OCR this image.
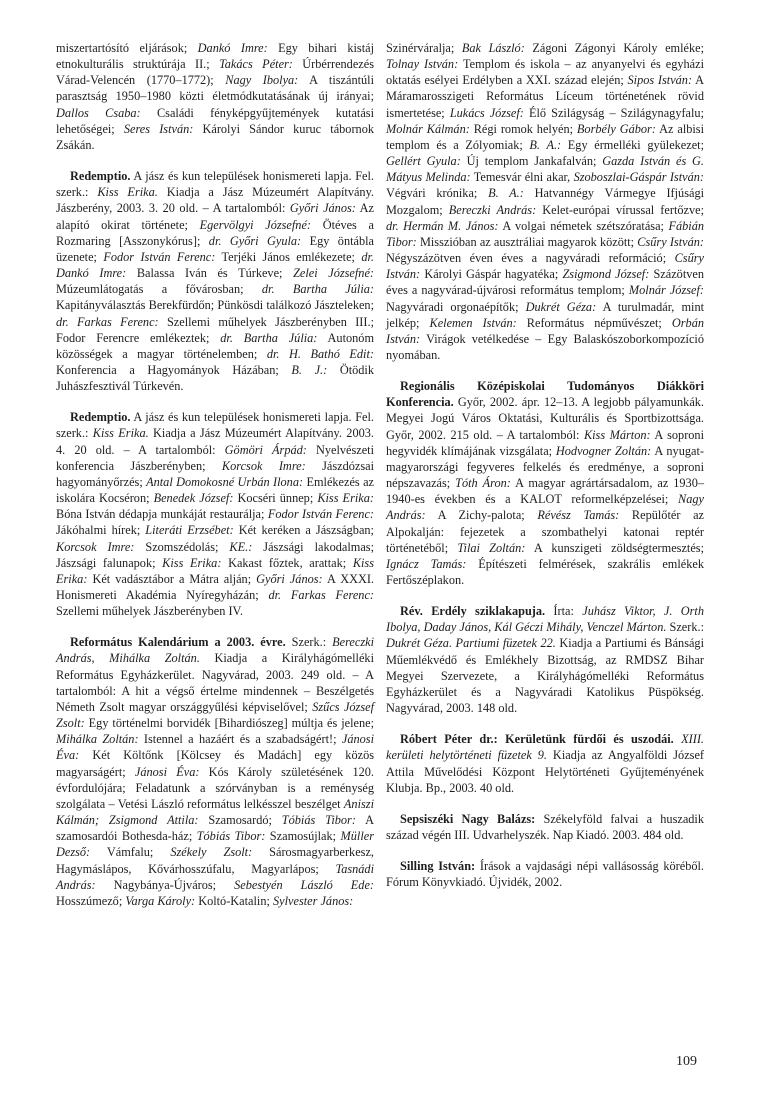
miszertartósító eljárások; Dankó Imre: Egy bihari kistáj etnokulturális struktúrája II.; Takács Péter: Úrbérrendezés Várad-Velencén (1770–1772); Nagy Ibolya: A tiszántúli parasztság 1950–1980 közti életmódkutatásának új irányai; Dallos Csaba: Családi fényképgyűjtemények kutatási lehetőségei; Seres István: Károlyi Sándor kuruc tábornok Zsákán.

Redemptio. A jász és kun települések honismereti lapja. Fel. szerk.: Kiss Erika. Kiadja a Jász Múzeumért Alapítvány. Jászberény, 2003. 3. 20 old. – A tartalomból: Győri János: Az alapító okirat története; Egervölgyi Józsefné: Ötéves a Rozmaring [Asszonykórus]; dr. Győri Gyula: Egy öntábla üzenete; Fodor István Ferenc: Terjéki János emlékezete; dr. Dankó Imre: Balassa Iván és Túrkeve; Zelei Józsefné: Múzeumlátogatás a fővárosban; dr. Bartha Júlia: Kapitányválasztás Berekfürdőn; Pünkösdi találkozó Jászteleken; dr. Farkas Ferenc: Szellemi műhelyek Jászberényben III.; Fodor Ferencre emlékeztek; dr. Bartha Júlia: Autonóm közösségek a magyar történelemben; dr. H. Bathó Edit: Konferencia a Hagyományok Házában; B. J.: Ötödik Juhászfesztivál Túrkevén.

Redemptio. A jász és kun települések honismereti lapja. Fel. szerk.: Kiss Erika. Kiadja a Jász Múzeumért Alapítvány. 2003. 4. 20 old. – A tartalomból: Gömöri Árpád: Nyelvészeti konferencia Jászberényben; Korcsok Imre: Jászdózsai hagyományőrzés; Antal Domokosné Urbán Ilona: Emlékezés az iskolára Kocséron; Benedek József: Kocséri ünnep; Kiss Erika: Bóna István dédapja munkáját restaurálja; Fodor István Ferenc: Jákóhalmi hírek; Literáti Erzsébet: Két keréken a Jászságban; Korcsok Imre: Szomszédolás; KE.: Jászsági lakodalmas; Jászsági falunapok; Kiss Erika: Kakast főztek, arattak; Kiss Erika: Két vadásztábor a Mátra alján; Győri János: A XXXI. Honismereti Akadémia Nyíregyházán; dr. Farkas Ferenc: Szellemi műhelyek Jászberényben IV.

Református Kalendárium a 2003. évre. Szerk.: Bereczki András, Mihálka Zoltán. Kiadja a Királyhágómelléki Református Egyházkerület. Nagyvárad, 2003. 249 old. – A tartalomból: A hit a végső értelme mindennek – Beszélgetés Németh Zsolt magyar országgyűlési képviselővel; Szűcs József Zsolt: Egy történelmi borvidék [Bihardiószeg] múltja és jelene; Mihálka Zoltán: Istennel a hazáért és a szabadságért!; Jánosi Éva: Két Költőnk [Kölcsey és Madách] egy közös magyarságért; Jánosi Éva: Kós Károly születésének 120. évfordulójára; Feladatunk a szórványban is a reménység szolgálata – Vetési László református lelkésszel beszélget Aniszi Kálmán; Zsigmond Attila: Szamosardó; Tóbiás Tibor: A szamosardói Bothesda-ház; Tóbiás Tibor: Szamosújlak; Müller Dezső: Vámfalu; Székely Zsolt: Sárosmagyarberkesz, Hagymáslápos, Kővárhosszúfalu, Magyarlápos; Tasnádi András: Nagybánya-Újváros; Sebestyén László Ede: Hosszúmező; Varga Károly: Koltó-Katalin; Sylvester János:

Szinérváralja; Bak László: Zágoni Zágonyi Károly emléke; Tolnay István: Templom és iskola – az anyanyelvi és egyházi oktatás esélyei Erdélyben a XXI. század elején; Sipos István: A Máramarosszigeti Református Líceum történetének rövid ismertetése; Lukács József: Élő Szilágyság – Szilágynagyfalu; Molnár Kálmán: Régi romok helyén; Borbély Gábor: Az albisi templom és a Zólyomiak; B. A.: Egy érmelléki gyülekezet; Gellért Gyula: Új templom Jankafalván; Gazda István és G. Mátyus Melinda: Temesvár élni akar, Szoboszlai-Gáspár István: Végvári krónika; B. A.: Hatvannégy Vármegye Ifjúsági Mozgalom; Bereczki András: Kelet-európai vírussal fertőzve; dr. Hermán M. János: A volgai németek szétszóratása; Fábián Tibor: Misszióban az ausztráliai magyarok között; Csűry István: Négyszázötven éven éves a nagyváradi reformáció; Csűry István: Károlyi Gáspár hagyatéka; Zsigmond József: Százötven éves a nagyvárad-újvárosi református templom; Molnár József: Nagyváradi orgonaépítők; Dukrét Géza: A turulmadár, mint jelkép; Kelemen István: Református népművészet; Orbán István: Virágok vetélkedése – Egy Balaskószoborkompozíció nyomában.

Regionális Középiskolai Tudományos Diákköri Konferencia. Győr, 2002. ápr. 12–13. A legjobb pályamunkák. Megyei Jogú Város Oktatási, Kulturális és Sportbizottsága. Győr, 2002. 215 old. – A tartalomból: Kiss Márton: A soproni hegyvidék klímájának vizsgálata; Hodvogner Zoltán: A nyugat-magyarországi fegyveres felkelés és eredménye, a soproni népszavazás; Tóth Áron: A magyar agrártársadalom, az 1930–1940-es években és a KALOT reformelképzelései; Nagy András: A Zichy-palota; Révész Tamás: Repülőtér az Alpokalján: fejezetek a szombathelyi katonai reptér történetéből; Tilai Zoltán: A kunszigeti zöldségtermesztés; Ignácz Tamás: Építészeti felmérések, szakrális emlékek Fertőszéplakon.

Rév. Erdély sziklakapuja. Írta: Juhász Viktor, J. Orth Ibolya, Daday János, Kál Géczi Mihály, Venczel Márton. Szerk.: Dukrét Géza. Partiumi füzetek 22. Kiadja a Partiumi és Bánsági Műemlékvédő és Emlékhely Bizottság, az RMDSZ Bihar Megyei Szervezete, a Királyhágómelléki Református Egyházkerület és a Nagyváradi Katolikus Püspökség. Nagyvárad, 2003. 148 old.

Róbert Péter dr.: Kerületünk fürdői és uszodái. XIII. kerületi helytörténeti füzetek 9. Kiadja az Angyalföldi József Attila Művelődési Központ Helytörténeti Gyűjteményének Klubja. Bp., 2003. 40 old.

Sepsiszéki Nagy Balázs: Székelyföld falvai a huszadik század végén III. Udvarhelyszék. Nap Kiadó. 2003. 484 old.

Silling István: Írások a vajdasági népi vallásosság köréből. Fórum Könyvkiadó. Újvidék, 2002.

109
